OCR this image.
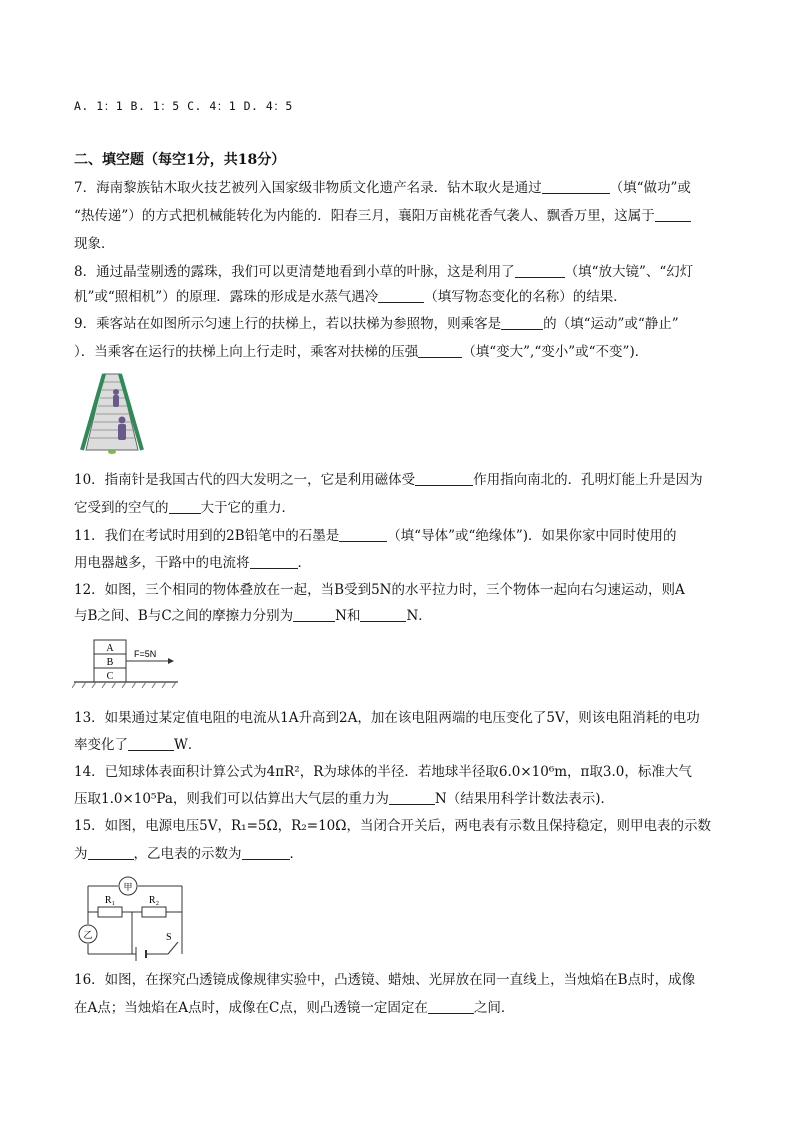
A. 1：1 B. 1：5 C. 4：1 D. 4：5
二、填空题（每空1分，共18分）
7．海南黎族钻木取火技艺被列入国家级非物质文化遗产名录．钻木取火是通过	（填“做功”或
“热传递”）的方式把机械能转化为内能的．阳春三月，襄阳万亩桃花香气袭人、飘香万里，这属于
现象．
8．通过晶莹剔透的露珠，我们可以更清楚地看到小草的叶脉，这是利用了	（填“放大镜”、“幻灯
机”或“照相机”）的原理．露珠的形成是水蒸气遇冷	（填写物态变化的名称）的结果．
9．乘客站在如图所示匀速上行的扶梯上，若以扶梯为参照物，则乘客是	的（填“运动”或“静止”
）．当乘客在运行的扶梯上向上行走时，乘客对扶梯的压强	（填“变大”,“变小”或“不变”)．
10．指南针是我国古代的四大发明之一，它是利用磁体受	作用指向南北的．孔明灯能上升是因为
它受到的空气的 大于它的重力．
11．我们在考试时用到的2B铅笔中的石墨是	（填“导体”或“绝缘体”)．如果你家中同时使用的
用电器越多，干路中的电流将	．
12．如图，三个相同的物体叠放在一起，当B受到5N的水平拉力时，三个物体一起向右匀速运动，则A
与B之间、B与C之间的摩擦力分别为	N和	N．
A
B
C
F=5N
13．如果通过某定值电阻的电流从1A升高到2A，加在该电阻两端的电压变化了5V，则该电阻消耗的电功
率变化了	W．
14．已知球体表面积计算公式为4πR²，R为球体的半径．若地球半径取6.0×10⁶m，π取3.0，标准大气
压取1.0×10⁵Pa，则我们可以估算出大气层的重力为	N（结果用科学计数法表示)．
15．如图，电源电压5V，R₁=5Ω，R₂=10Ω，当闭合开关后，两电表有示数且保持稳定，则甲电表的示数
为	，乙电表的示数为	．
甲
乙
R₁	R₂
S
16．如图，在探究凸透镜成像规律实验中，凸透镜、蜡烛、光屏放在同一直线上，当烛焰在B点时，成像
在A点；当烛焰在A点时，成像在C点，则凸透镜一定固定在	之间．
